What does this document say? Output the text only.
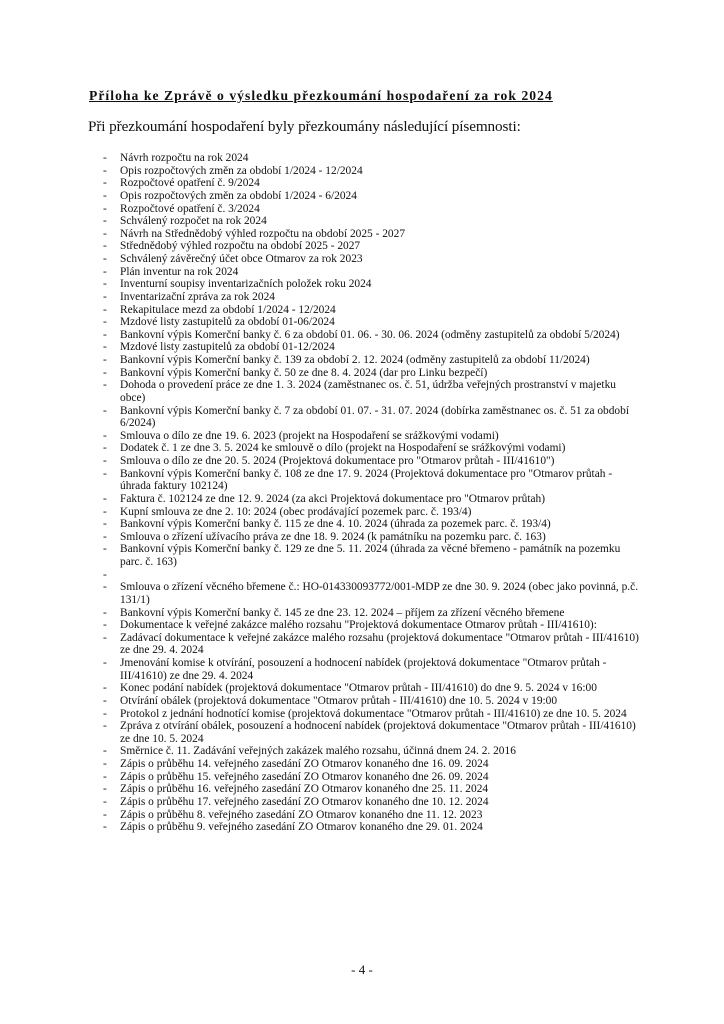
Příloha ke Zprávě o výsledku přezkoumání hospodaření za rok 2024
Při přezkoumání hospodaření byly přezkoumány následující písemnosti:
- Návrh rozpočtu na rok 2024
- Opis rozpočtových změn za období 1/2024 - 12/2024
- Rozpočtové opatření č. 9/2024
- Opis rozpočtových změn za období 1/2024 - 6/2024
- Rozpočtové opatření č. 3/2024
- Schválený rozpočet na rok 2024
- Návrh na Střednědobý výhled rozpočtu na období 2025 - 2027
- Střednědobý výhled rozpočtu na období 2025 - 2027
- Schválený závěrečný účet obce Otmarov za rok 2023
- Plán inventur na rok 2024
- Inventurní soupisy inventarizačních položek roku 2024
- Inventarizační zpráva za rok 2024
- Rekapitulace mezd za období 1/2024 - 12/2024
- Mzdové listy zastupitelů za období 01-06/2024
- Bankovní výpis Komerční banky č. 6 za období 01. 06. - 30. 06. 2024 (odměny zastupitelů za období 5/2024)
- Mzdové listy zastupitelů za období 01-12/2024
- Bankovní výpis Komerční banky č. 139 za období 2. 12. 2024 (odměny zastupitelů za období 11/2024)
- Bankovní výpis Komerční banky č. 50 ze dne 8. 4. 2024 (dar pro Linku bezpečí)
- Dohoda o provedení práce ze dne 1. 3. 2024 (zaměstnanec os. č. 51, údržba veřejných prostranství v majetku obce)
- Bankovní výpis Komerční banky č. 7 za období 01. 07. - 31. 07. 2024 (dobírka zaměstnanec os. č. 51 za období 6/2024)
- Smlouva o dílo ze dne 19. 6. 2023 (projekt na Hospodaření se srážkovými vodami)
- Dodatek č. 1 ze dne 3. 5. 2024 ke smlouvě o dílo (projekt na Hospodaření se srážkovými vodami)
- Smlouva o dílo ze dne 20. 5. 2024 (Projektová dokumentace pro "Otmarov průtah - III/41610")
- Bankovní výpis Komerční banky č. 108 ze dne 17. 9. 2024 (Projektová dokumentace pro "Otmarov průtah - úhrada faktury 102124)
- Faktura č. 102124 ze dne 12. 9. 2024 (za akci Projektová dokumentace pro "Otmarov průtah)
- Kupní smlouva ze dne 2. 10: 2024 (obec prodávající pozemek parc. č. 193/4)
- Bankovní výpis Komerční banky č. 115 ze dne 4. 10. 2024 (úhrada za pozemek parc. č. 193/4)
- Smlouva o zřízení užívacího práva ze dne 18. 9. 2024 (k památníku na pozemku parc. č. 163)
- Bankovní výpis Komerční banky č. 129 ze dne 5. 11. 2024 (úhrada za věcné břemeno - památník na pozemku parc. č. 163)
-

- Smlouva o zřízení věcného břemene č.: HO-014330093772/001-MDP ze dne 30. 9. 2024 (obec jako povinná, p.č. 131/1)
- Bankovní výpis Komerční banky č. 145 ze dne 23. 12. 2024 – příjem za zřízení věcného břemene
- Dokumentace k veřejné zakázce malého rozsahu "Projektová dokumentace Otmarov průtah - III/41610):
- Zadávací dokumentace k veřejné zakázce malého rozsahu (projektová dokumentace "Otmarov průtah - III/41610) ze dne 29. 4. 2024
- Jmenování komise k otvírání, posouzení a hodnocení nabídek (projektová dokumentace "Otmarov průtah - III/41610) ze dne 29. 4. 2024
- Konec podání nabídek (projektová dokumentace "Otmarov průtah - III/41610) do dne 9. 5. 2024 v 16:00
- Otvírání obálek (projektová dokumentace "Otmarov průtah - III/41610) dne 10. 5. 2024 v 19:00
- Protokol z jednání hodnotící komise (projektová dokumentace "Otmarov průtah - III/41610) ze dne 10. 5. 2024
- Zpráva z otvírání obálek, posouzení a hodnocení nabídek (projektová dokumentace "Otmarov průtah - III/41610) ze dne 10. 5. 2024
- Směrnice č. 11. Zadávání veřejných zakázek malého rozsahu, účinná dnem 24. 2. 2016
- Zápis o průběhu 14. veřejného zasedání ZO Otmarov konaného dne 16. 09. 2024
- Zápis o průběhu 15. veřejného zasedání ZO Otmarov konaného dne 26. 09. 2024
- Zápis o průběhu 16. veřejného zasedání ZO Otmarov konaného dne 25. 11. 2024
- Zápis o průběhu 17. veřejného zasedání ZO Otmarov konaného dne 10. 12. 2024
- Zápis o průběhu 8. veřejného zasedání ZO Otmarov konaného dne 11. 12. 2023
- Zápis o průběhu 9. veřejného zasedání ZO Otmarov konaného dne 29. 01. 2024
- 4 -
